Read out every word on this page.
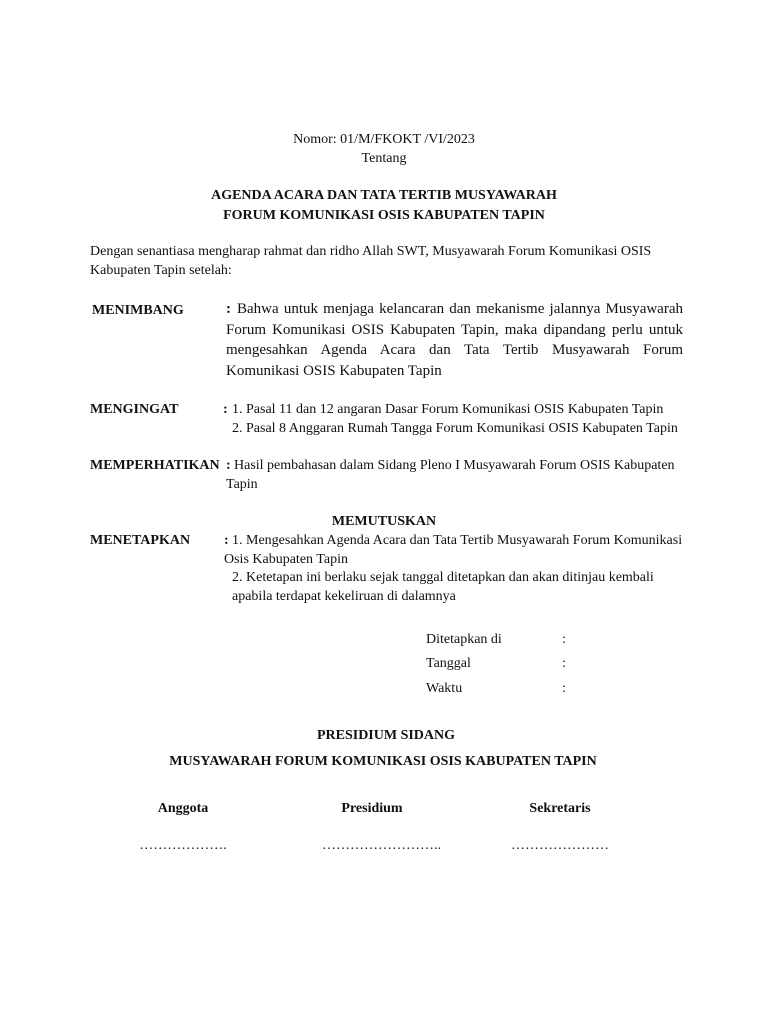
Nomor: 01/M/FKOKT /VI/2023
Tentang
AGENDA ACARA DAN TATA TERTIB MUSYAWARAH
FORUM KOMUNIKASI OSIS KABUPATEN TAPIN
Dengan senantiasa mengharap rahmat dan ridho Allah SWT, Musyawarah Forum Komunikasi OSIS Kabupaten Tapin setelah:
MENIMBANG	: Bahwa untuk menjaga kelancaran dan mekanisme jalannya Musyawarah Forum Komunikasi OSIS Kabupaten Tapin, maka dipandang perlu untuk mengesahkan Agenda Acara dan Tata Tertib Musyawarah Forum Komunikasi OSIS Kabupaten Tapin
MENGINGAT	: 1. Pasal 11 dan 12 angaran Dasar Forum Komunikasi OSIS Kabupaten Tapin
2. Pasal 8 Anggaran Rumah Tangga Forum Komunikasi OSIS Kabupaten Tapin
MEMPERHATIKAN : Hasil pembahasan dalam Sidang Pleno I Musyawarah Forum OSIS Kabupaten Tapin
MEMUTUSKAN
MENETAPKAN : 1. Mengesahkan Agenda Acara dan Tata Tertib Musyawarah Forum Komunikasi Osis Kabupaten Tapin
2. Ketetapan ini berlaku sejak tanggal ditetapkan dan akan ditinjau kembali apabila terdapat kekeliruan di dalamnya
Ditetapkan di	:
Tanggal	:
Waktu	:
PRESIDIUM SIDANG
MUSYAWARAH FORUM KOMUNIKASI OSIS KABUPATEN TAPIN
Anggota	Presidium	Sekretaris
……………….	……………………..	…………………
